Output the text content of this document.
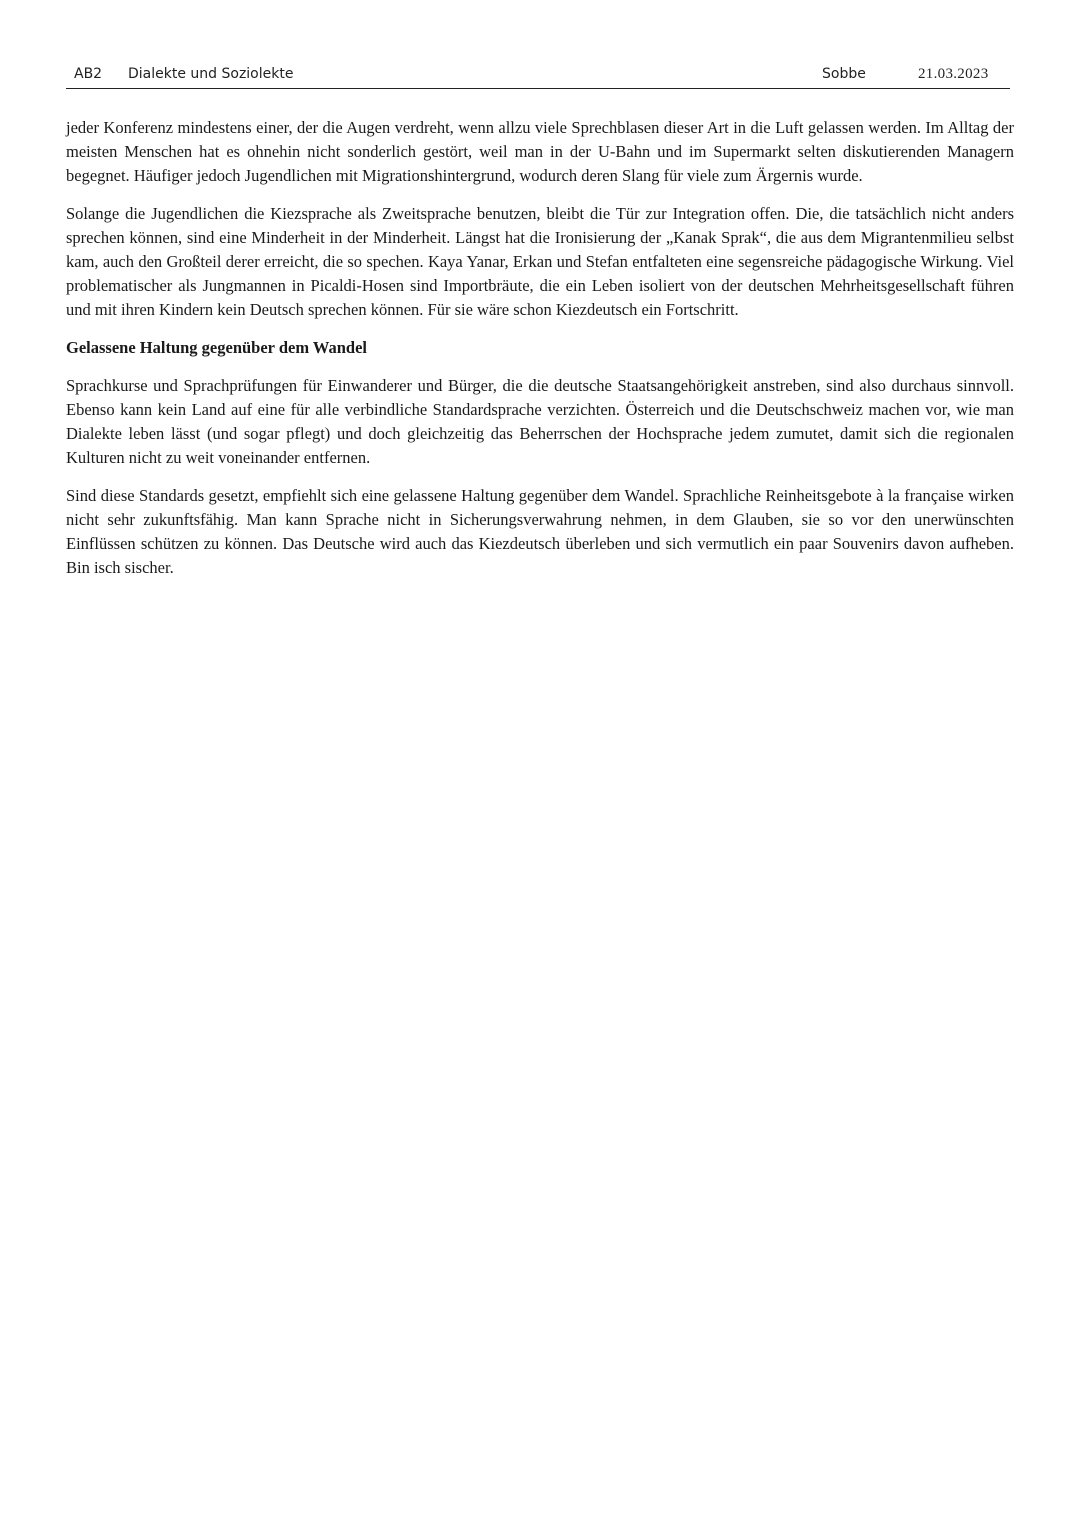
AB2 Dialekte und Soziolekte	Sobbe	21.03.2023

jeder Konferenz mindestens einer, der die Augen verdreht, wenn allzu viele Sprechblasen dieser Art in die Luft gelassen werden. Im Alltag der meisten Menschen hat es ohnehin nicht sonderlich gestört, weil man in der U-Bahn und im Supermarkt selten diskutierenden Managern begegnet. Häufiger jedoch Jugendlichen mit Migrationshintergrund, wodurch deren Slang für viele zum Ärgernis wurde.

Solange die Jugendlichen die Kiezsprache als Zweitsprache benutzen, bleibt die Tür zur Integration offen. Die, die tatsächlich nicht anders sprechen können, sind eine Minderheit in der Minderheit. Längst hat die Ironisierung der „Kanak Sprak“, die aus dem Migrantenmilieu selbst kam, auch den Großteil derer erreicht, die so spechen. Kaya Yanar, Erkan und Stefan entfalteten eine segensreiche pädagogische Wirkung. Viel problematischer als Jungmannen in Picaldi-Hosen sind Importbräute, die ein Leben isoliert von der deutschen Mehrheitsgesellschaft führen und mit ihren Kindern kein Deutsch sprechen können. Für sie wäre schon Kiezdeutsch ein Fortschritt.

Gelassene Haltung gegenüber dem Wandel

Sprachkurse und Sprachprüfungen für Einwanderer und Bürger, die die deutsche Staatsangehörigkeit anstreben, sind also durchaus sinnvoll. Ebenso kann kein Land auf eine für alle verbindliche Standardsprache verzichten. Österreich und die Deutschschweiz machen vor, wie man Dialekte leben lässt (und sogar pflegt) und doch gleichzeitig das Beherrschen der Hochsprache jedem zumutet, damit sich die regionalen Kulturen nicht zu weit voneinander entfernen.

Sind diese Standards gesetzt, empfiehlt sich eine gelassene Haltung gegenüber dem Wandel. Sprachliche Reinheitsgebote à la française wirken nicht sehr zukunftsfähig. Man kann Sprache nicht in Sicherungsverwahrung nehmen, in dem Glauben, sie so vor den unerwünschten Einflüssen schützen zu können. Das Deutsche wird auch das Kiezdeutsch überleben und sich vermutlich ein paar Souvenirs davon aufheben. Bin isch sischer.
